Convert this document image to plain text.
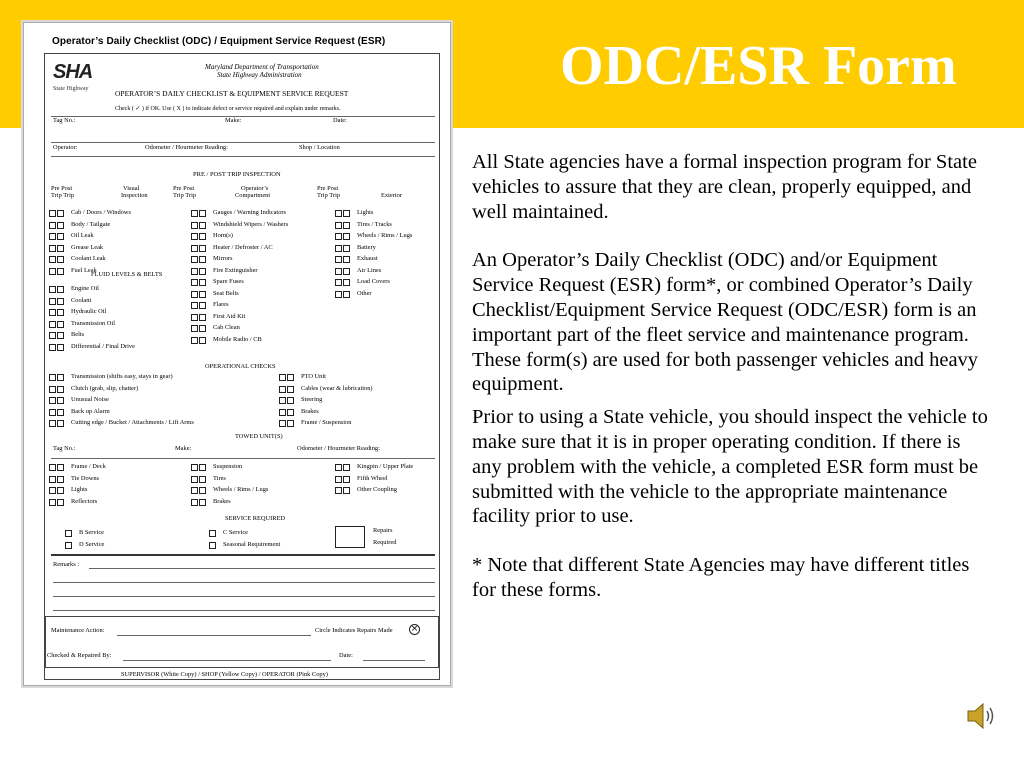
ODC/ESR Form
Operator’s Daily Checklist (ODC) / Equipment Service Request (ESR)
SHA
State Highway
Maryland Department of Transportation
State Highway Administration
OPERATOR’S DAILY CHECKLIST & EQUIPMENT SERVICE REQUEST
Check ( ✓ ) if OK. Use ( X ) to indicate defect or service required and explain under remarks.
Tag No.:	Make:	Date:
Operator:	Odometer / Hourmeter Reading:	Shop / Location
PRE / POST TRIP INSPECTION
Pre Post
Trip Trip
Visual
Inspection
Pre Post
Trip Trip
Operator’s
Compartment
Pre Post
Trip Trip	Exterior
Cab / Doors / Windows
Body / Tailgate
Oil Leak
Grease Leak
Coolant Leak
Fuel Leak
FLUID LEVELS & BELTS
Engine Oil
Coolant
Hydraulic Oil
Transmission Oil
Belts
Differential / Final Drive
Gauges / Warning Indicators
Windshield Wipers / Washers
Horn(s)
Heater / Defroster / AC
Mirrors
Fire Extinguisher
Spare Fuses
Seat Belts
Flares
First Aid Kit
Cab Clean
Mobile Radio / CB
Lights
Tires / Tracks
Wheels / Rims / Lugs
Battery
Exhaust
Air Lines
Load Covers
Other
OPERATIONAL CHECKS
Transmission (shifts easy, stays in gear)
Clutch (grab, slip, chatter)
Unusual Noise
Back up Alarm
Cutting edge / Bucket / Attachments / Lift Arms
PTO Unit
Cables (wear & lubrication)
Steering
Brakes
Frame / Suspension
TOWED UNIT(S)
Tag No.:	Make:	Odometer / Hourmeter Reading:
Frame / Deck
Tie Downs
Lights
Reflectors
Suspension
Tires
Wheels / Rims / Lugs
Brakes
Kingpin / Upper Plate
Fifth Wheel
Other Coupling
SERVICE REQUIRED
B Service
D Service
C Service
Seasonal Requirement
Repairs
Required
Remarks :
Maintenance Action:	Circle Indicates Repairs Made ×
Checked & Repaired By:	Date:
SUPERVISOR (White Copy) / SHOP (Yellow Copy) / OPERATOR (Pink Copy)

All State agencies have a formal inspection program for State vehicles to assure that they are clean, properly equipped, and well maintained.

An Operator’s Daily Checklist (ODC) and/or Equipment Service Request (ESR) form*, or combined Operator’s Daily Checklist/Equipment Service Request (ODC/ESR) form is an important part of the fleet service and maintenance program. These form(s) are used for both passenger vehicles and heavy equipment.

Prior to using a State vehicle, you should inspect the vehicle to make sure that it is in proper operating condition. If there is any problem with the vehicle, a completed ESR form must be submitted with the vehicle to the appropriate maintenance facility prior to use.

* Note that different State Agencies may have different titles for these forms.
